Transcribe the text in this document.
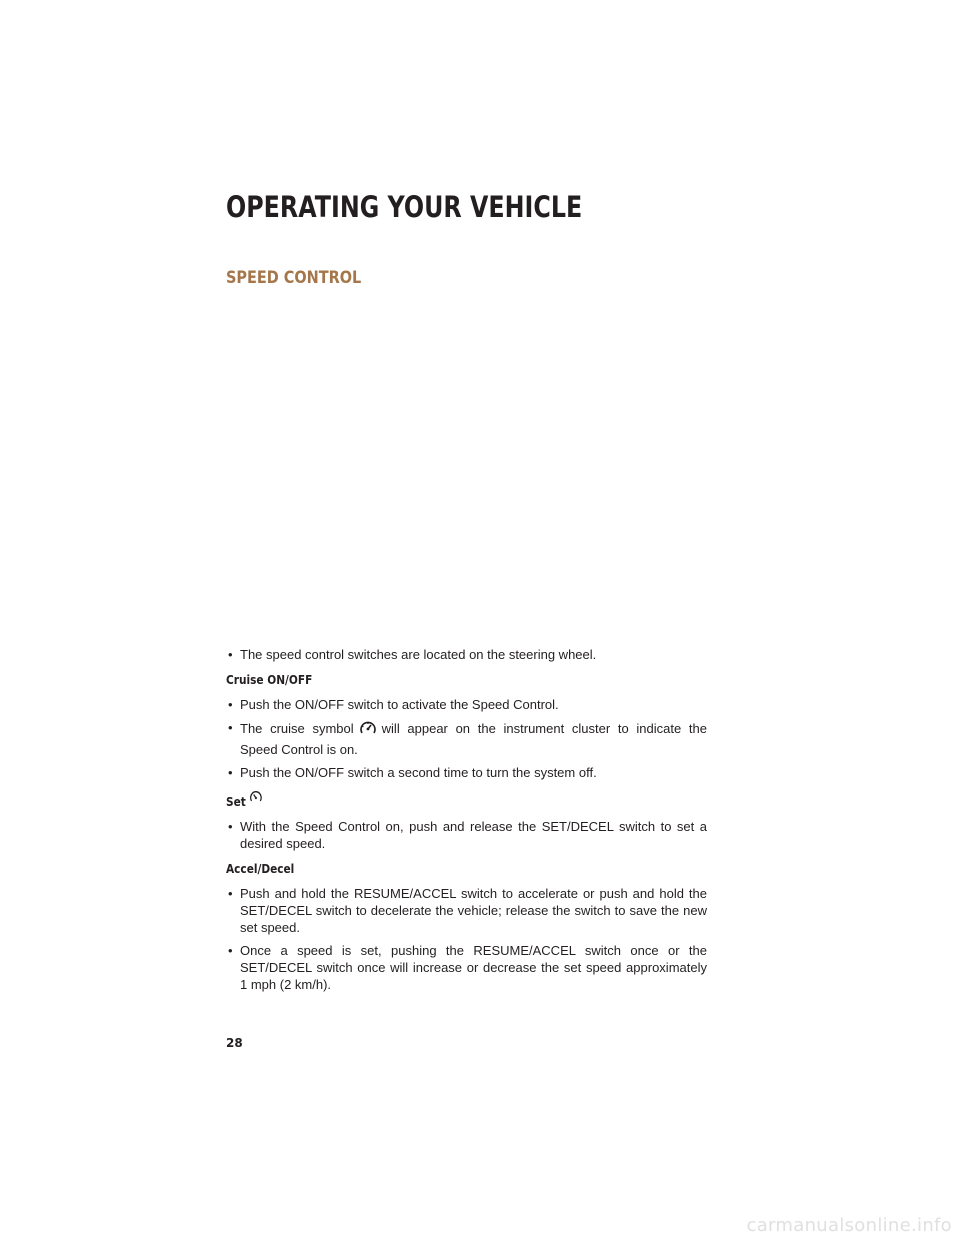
OPERATING YOUR VEHICLE
SPEED CONTROL
• The speed control switches are located on the steering wheel.
Cruise ON/OFF
• Push the ON/OFF switch to activate the Speed Control.
• The cruise symbol will appear on the instrument cluster to indicate the Speed Control is on.
• Push the ON/OFF switch a second time to turn the system off.
Set
• With the Speed Control on, push and release the SET/DECEL switch to set a desired speed.
Accel/Decel
• Push and hold the RESUME/ACCEL switch to accelerate or push and hold the SET/DECEL switch to decelerate the vehicle; release the switch to save the new set speed.
• Once a speed is set, pushing the RESUME/ACCEL switch once or the SET/DECEL switch once will increase or decrease the set speed approximately 1 mph (2 km/h).
28
carmanualsonline.info
